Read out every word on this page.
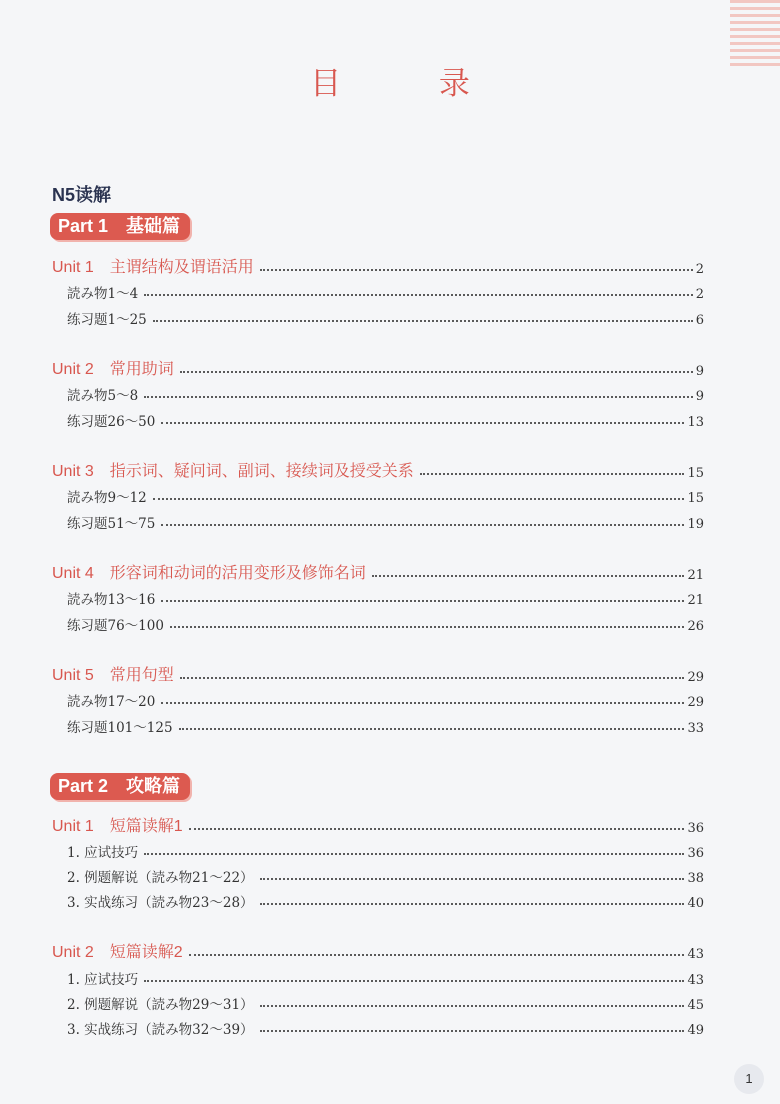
目 录
N5读解
Part 1　基础篇
Unit 1　主谓结构及谓语活用	2
読み物1～4	2
练习题1～25	6
Unit 2　常用助词	9
読み物5～8	9
练习题26～50	13
Unit 3　指示词、疑问词、副词、接续词及授受关系	15
読み物9～12	15
练习题51～75	19
Unit 4　形容词和动词的活用变形及修饰名词	21
読み物13～16	21
练习题76～100	26
Unit 5　常用句型	29
読み物17～20	29
练习题101～125	33
Part 2　攻略篇
Unit 1　短篇读解1	36
1. 应试技巧	36
2. 例题解说（読み物21～22）	38
3. 实战练习（読み物23～28）	40
Unit 2　短篇读解2	43
1. 应试技巧	43
2. 例题解说（読み物29～31）	45
3. 实战练习（読み物32～39）	49
1
